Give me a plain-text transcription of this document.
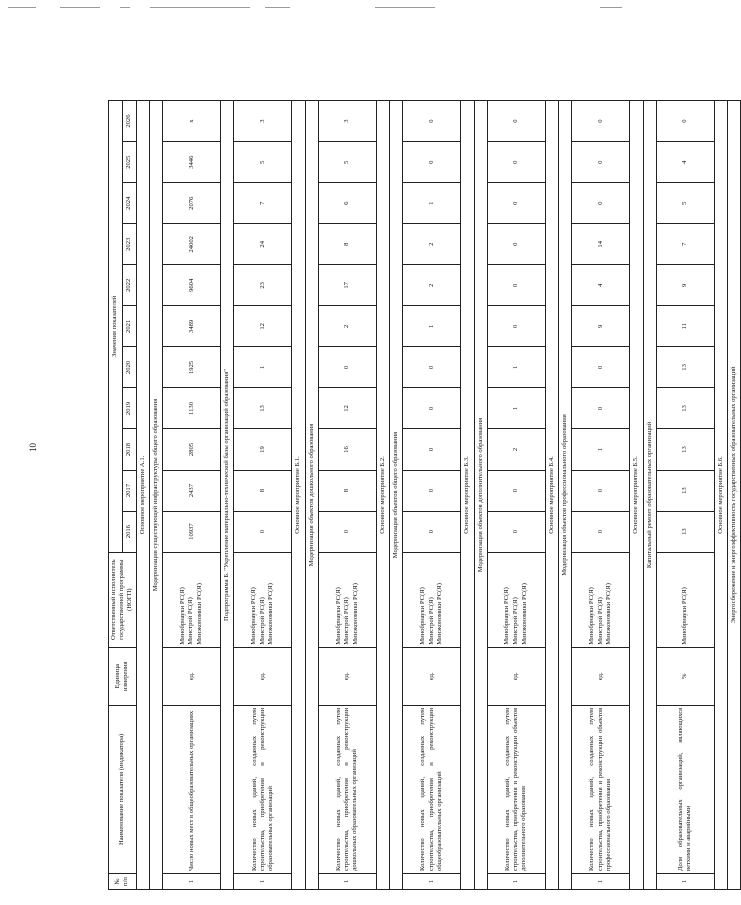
10
№
п/п	Наименование показателя (индикатора)	Единица измерения	Ответственный исполнитель государственной программы (НОГП)	Значения показателей										
				2016	2017	2018	2019	2020	2021	2022	2023	2024	2025	2026
Основное мероприятие А.1.														
Модернизация существующей инфраструктуры общего образования														
1	Число новых мест в общеобразовательных организациях	ед.	Минобрнауки РС(Я) Минстрой РС(Я) Минэкономики РС(Я)	10937	2437	2805	1130	1925	3489	9604	24002	2076	3446	х
Подпрограмма Б. "Укрепление материально-технической базы организаций образования"														
1	Количество новых зданий, созданных путем строительства, приобретения и реконструкции образовательных организаций	ед.	Минобрнауки РС(Я) Минстрой РС(Я) Минэкономики РС(Я)	0	8	19	13	1	12	23	24	7	5	3
Основное мероприятие Б.1.														
Модернизация объектов дошкольного образования														
1	Количество новых зданий, созданных путем строительства, приобретения и реконструкции дошкольных образовательных организаций	ед.	Минобрнауки РС(Я) Минстрой РС(Я) Минэкономики РС(Я)	0	8	16	12	0	2	17	8	6	5	3
Основное мероприятие Б.2.														
Модернизация объектов общего образования														
1	Количество новых зданий, созданных путем строительства, приобретения и реконструкции общеобразовательных организаций	ед.	Минобрнауки РС(Я) Минстрой РС(Я) Минэкономики РС(Я)	0	0	0	0	0	1	2	2	1	0	0
Основное мероприятие Б.3.														
Модернизация объектов дополнительного образования														
1	Количество новых зданий, созданных путем строительства, приобретения и реконструкции объектов дополнительного образования	ед.	Минобрнауки РС(Я) Минстрой РС(Я) Минэкономики РС(Я)	0	0	2	1	1	0	0	0	0	0	0
Основное мероприятие Б.4.														
Модернизация объектов профессионального образования														
1	Количество новых зданий, созданных путем строительства, приобретения и реконструкции объектов профессионального образования	ед.	Минобрнауки РС(Я) Минстрой РС(Я) Минэкономики РС(Я)	0	0	1	0	0	9	4	14	0	0	0
Основное мероприятие Б.5.														
Капитальный ремонт образовательных организаций														
1	Доля образовательных организаций, являющихся ветхими и аварийными	%	Минобрнауки РС(Я)	13	13	13	13	13	11	9	7	5	4	0
Основное мероприятие Б.6.														
Энергосбережение и энергоэффективность государственных образовательных организаций														
